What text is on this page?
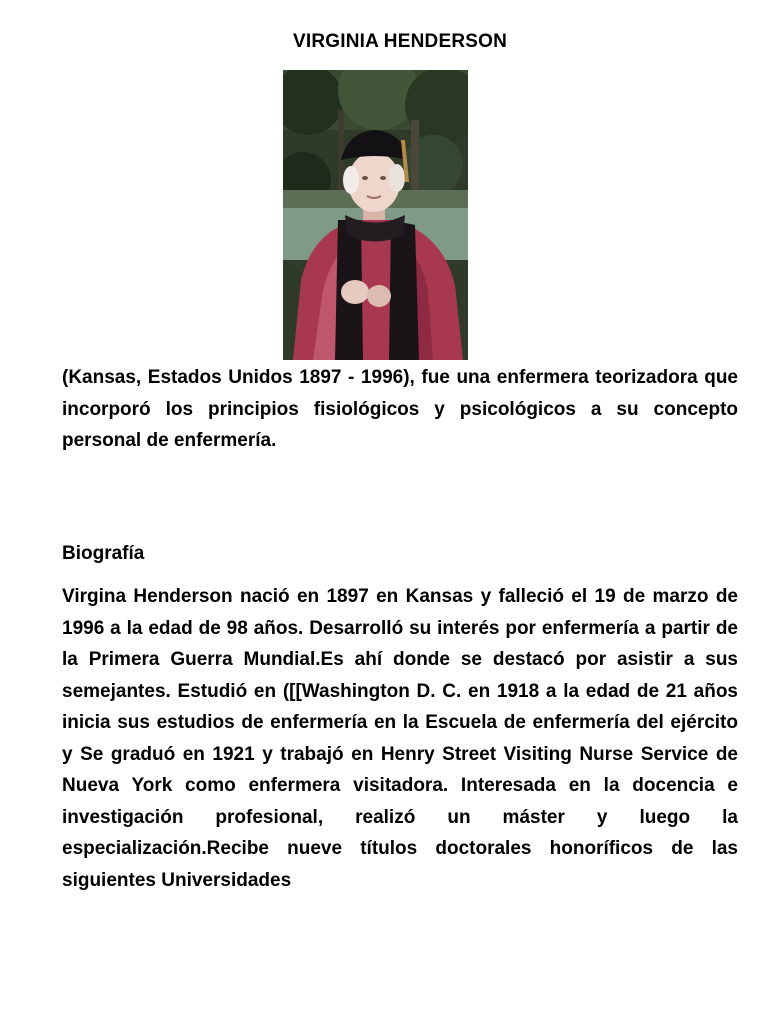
VIRGINIA HENDERSON

(Kansas, Estados Unidos 1897 - 1996), fue una enfermera teorizadora que incorporó los principios fisiológicos y psicológicos a su concepto personal de enfermería.

Biografía

Virgina Henderson nació en 1897 en Kansas y falleció el 19 de marzo de 1996 a la edad de 98 años. Desarrolló su interés por enfermería a partir de la Primera Guerra Mundial.Es ahí donde se destacó por asistir a sus semejantes. Estudió en ([[Washington D. C. en 1918 a la edad de 21 años inicia sus estudios de enfermería en la Escuela de enfermería del ejército y Se graduó en 1921 y trabajó en Henry Street Visiting Nurse Service de Nueva York como enfermera visitadora. Interesada en la docencia e investigación profesional, realizó un máster y luego la especialización.Recibe nueve títulos doctorales honoríficos de las siguientes Universidades
